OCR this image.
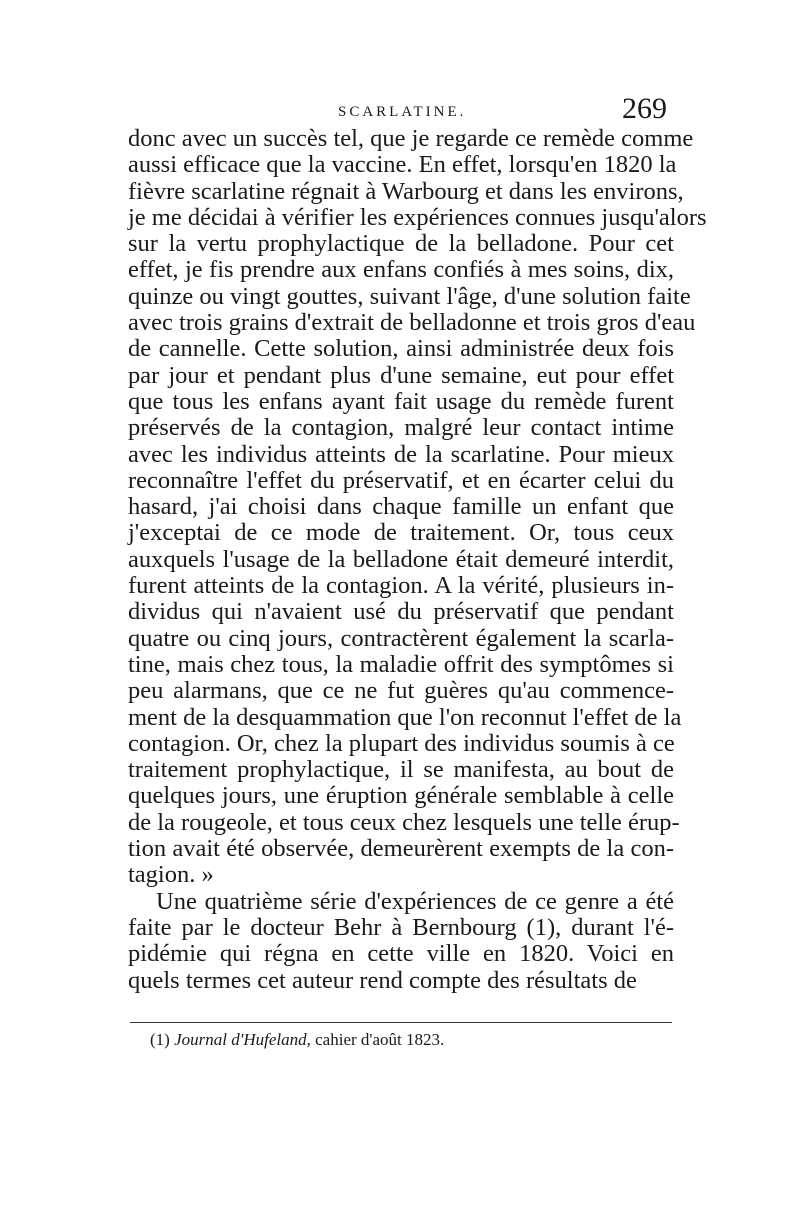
SCARLATINE.	269
donc avec un succès tel, que je regarde ce remède comme
aussi efficace que la vaccine. En effet, lorsqu'en 1820 la
fièvre scarlatine régnait à Warbourg et dans les environs,
je me décidai à vérifier les expériences connues jusqu'alors
sur la vertu prophylactique de la belladone. Pour cet
effet, je fis prendre aux enfans confiés à mes soins, dix,
quinze ou vingt gouttes, suivant l'âge, d'une solution faite
avec trois grains d'extrait de belladonne et trois gros d'eau
de cannelle. Cette solution, ainsi administrée deux fois
par jour et pendant plus d'une semaine, eut pour effet
que tous les enfans ayant fait usage du remède furent
préservés de la contagion, malgré leur contact intime
avec les individus atteints de la scarlatine. Pour mieux
reconnaître l'effet du préservatif, et en écarter celui du
hasard, j'ai choisi dans chaque famille un enfant que
j'exceptai de ce mode de traitement. Or, tous ceux
auxquels l'usage de la belladone était demeuré interdit,
furent atteints de la contagion. A la vérité, plusieurs in-
dividus qui n'avaient usé du préservatif que pendant
quatre ou cinq jours, contractèrent également la scarla-
tine, mais chez tous, la maladie offrit des symptômes si
peu alarmans, que ce ne fut guères qu'au commence-
ment de la desquammation que l'on reconnut l'effet de la
contagion. Or, chez la plupart des individus soumis à ce
traitement prophylactique, il se manifesta, au bout de
quelques jours, une éruption générale semblable à celle
de la rougeole, et tous ceux chez lesquels une telle érup-
tion avait été observée, demeurèrent exempts de la con-
tagion. »
Une quatrième série d'expériences de ce genre a été
faite par le docteur Behr à Bernbourg (1), durant l'é-
pidémie qui régna en cette ville en 1820. Voici en
quels termes cet auteur rend compte des résultats de
(1) Journal d'Hufeland, cahier d'août 1823.
